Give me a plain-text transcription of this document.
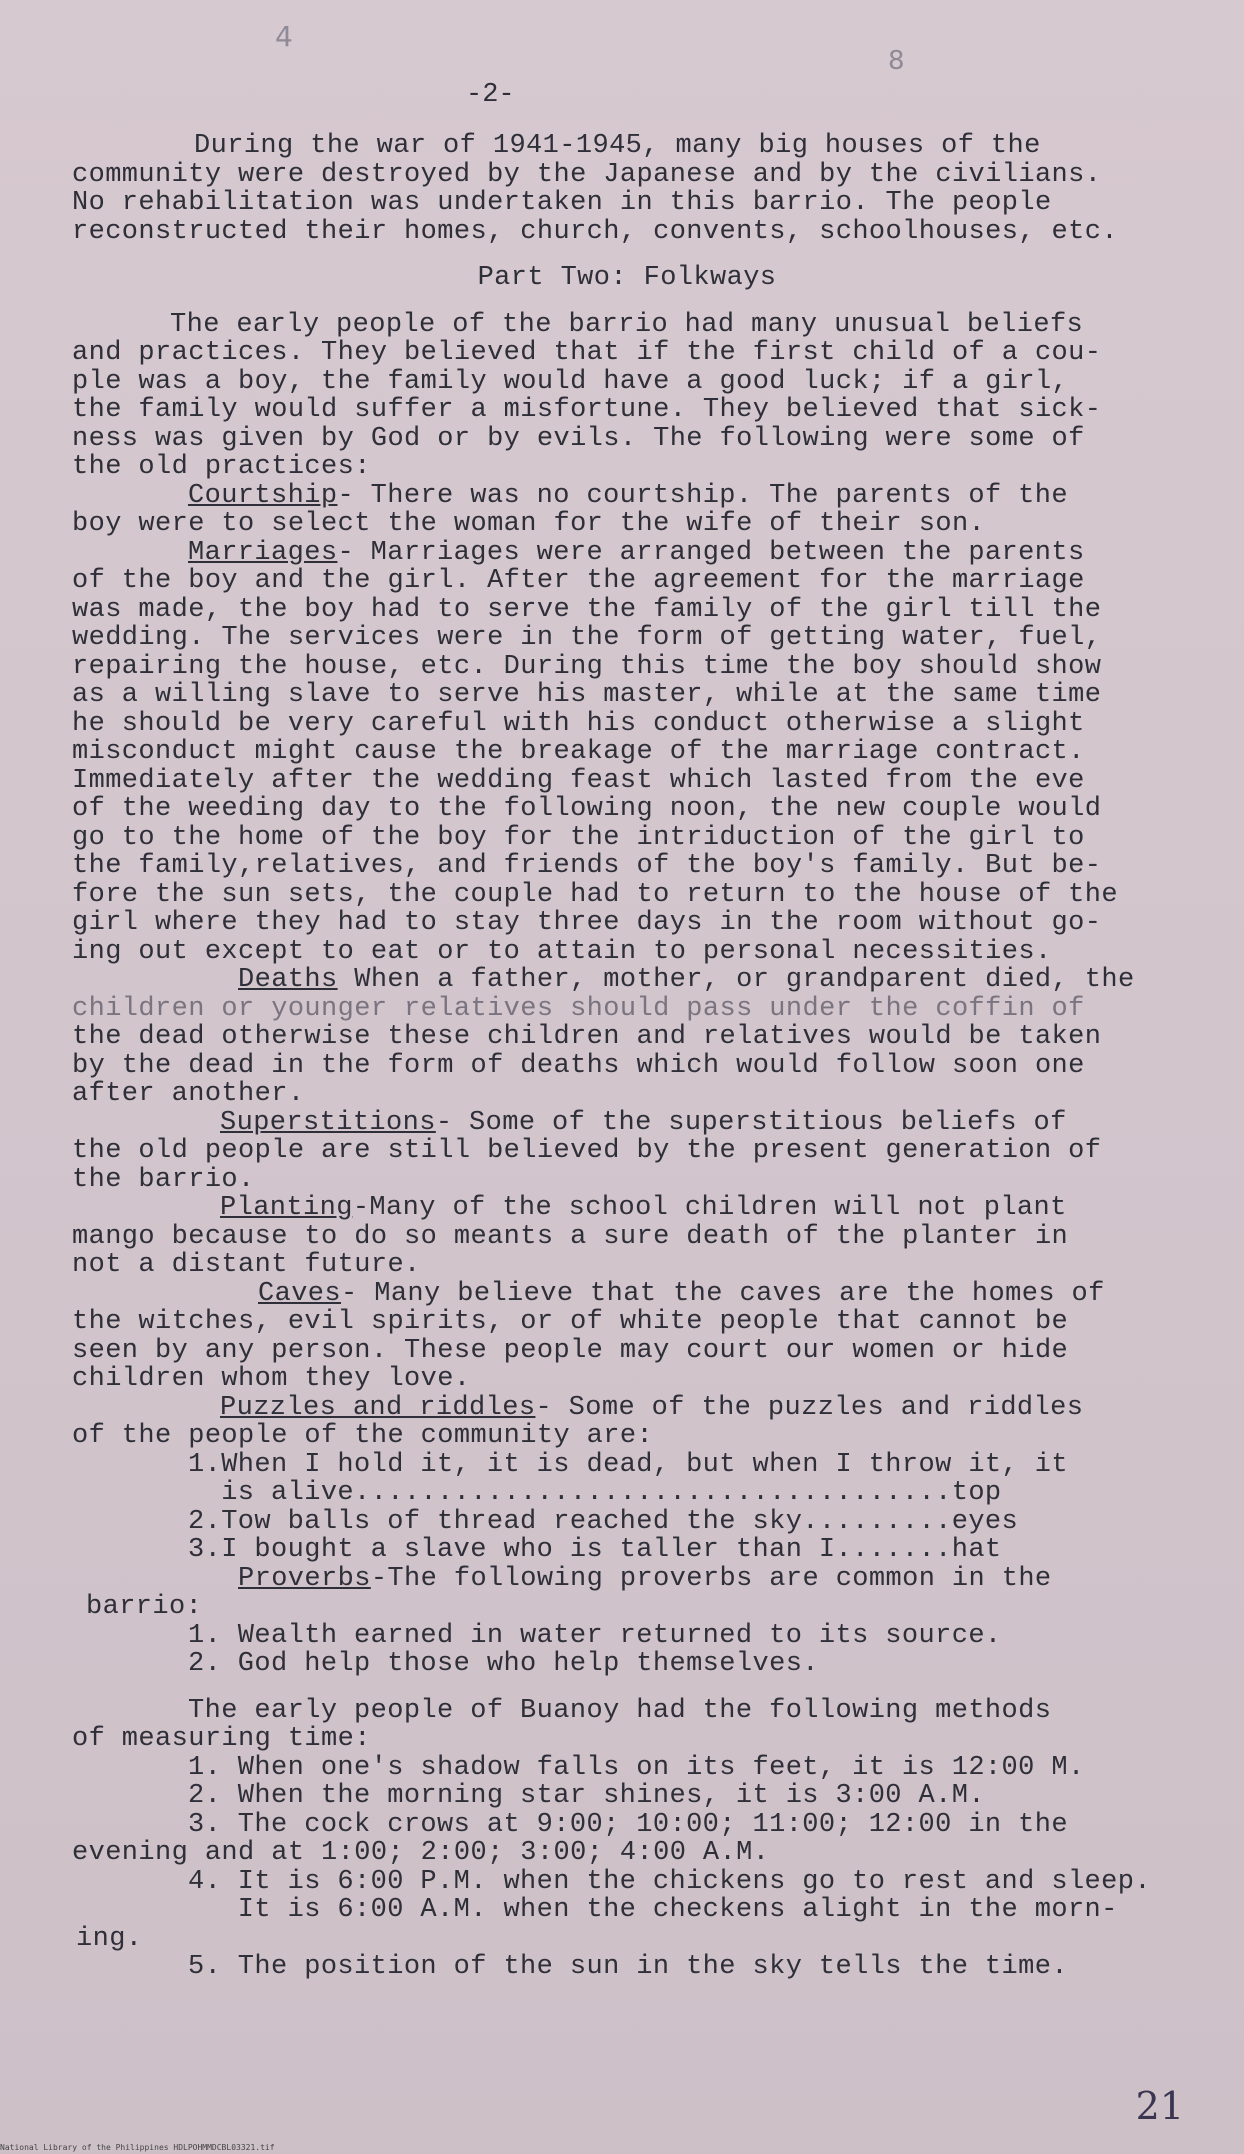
4
8
-2-
During the war of 1941-1945, many big houses of the
community were destroyed by the Japanese and by the civilians.
No rehabilitation was undertaken in this barrio. The people
reconstructed their homes, church, convents, schoolhouses, etc.
Part Two: Folkways
The early people of the barrio had many unusual beliefs
and practices. They believed that if the first child of a cou-
ple was a boy, the family would have a good luck; if a girl,
the family would suffer a misfortune. They believed that sick-
ness was given by God or by evils. The following were some of
the old practices:
Courtship- There was no courtship. The parents of the
boy were to select the woman for the wife of their son.
Marriages- Marriages were arranged between the parents
of the boy and the girl. After the agreement for the marriage
was made, the boy had to serve the family of the girl till the
wedding. The services were in the form of getting water, fuel,
repairing the house, etc. During this time the boy should show
as a willing slave to serve his master, while at the same time
he should be very careful with his conduct otherwise a slight
misconduct might cause the breakage of the marriage contract.
Immediately after the wedding feast which lasted from the eve
of the weeding day to the following noon, the new couple would
go to the home of the boy for the intriduction of the girl to
the family,relatives, and friends of the boy's family. But be-
fore the sun sets, the couple had to return to the house of the
girl where they had to stay three days in the room without go-
ing out except to eat or to attain to personal necessities.
Deaths When a father, mother, or grandparent died, the
children or younger relatives should pass under the coffin of
the dead otherwise these children and relatives would be taken
by the dead in the form of deaths which would follow soon one
after another.
Superstitions- Some of the superstitious beliefs of
the old people are still believed by the present generation of
the barrio.
Planting-Many of the school children will not plant
mango because to do so meants a sure death of the planter in
not a distant future.
Caves- Many believe that the caves are the homes of
the witches, evil spirits, or of white people that cannot be
seen by any person. These people may court our women or hide
children whom they love.
Puzzles and riddles- Some of the puzzles and riddles
of the people of the community are:
1.When I hold it, it is dead, but when I throw it, it
is alive....................................top
2.Tow balls of thread reached the sky.........eyes
3.I bought a slave who is taller than I.......hat
Proverbs-The following proverbs are common in the
barrio:
1. Wealth earned in water returned to its source.
2. God help those who help themselves.
The early people of Buanoy had the following methods
of measuring time:
1. When one's shadow falls on its feet, it is 12:00 M.
2. When the morning star shines, it is 3:00 A.M.
3. The cock crows at 9:00; 10:00; 11:00; 12:00 in the
evening and at 1:00; 2:00; 3:00; 4:00 A.M.
4. It is 6:00 P.M. when the chickens go to rest and sleep.
It is 6:00 A.M. when the checkens alight in the morn-
ing.
5. The position of the sun in the sky tells the time.
21
National Library of the Philippines HDLPOHMMDCBL03321.tif
